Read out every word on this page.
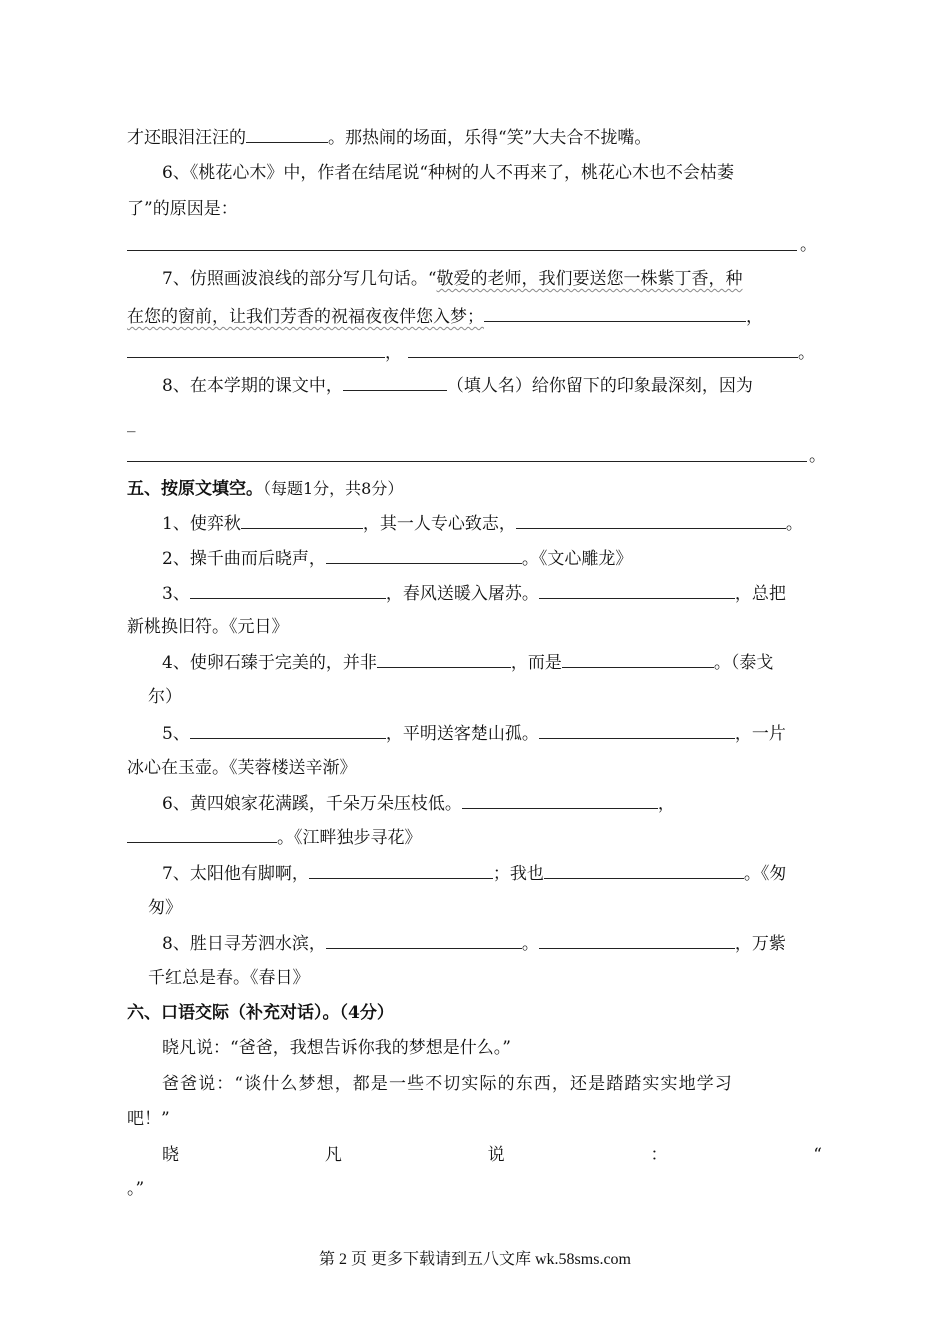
才还眼泪汪汪的	。那热闹的场面，乐得“笑”大夫合不拢嘴。
6、《桃花心木》中，作者在结尾说“种树的人不再来了，桃花心木也不会枯萎
了”的原因是：
。
7、仿照画波浪线的部分写几句话。“敬爱的老师，我们要送您一株紫丁香，种
在您的窗前，让我们芳香的祝福夜夜伴您入梦；	，
，	。
8、在本学期的课文中，	（填人名）给你留下的印象最深刻，因为
_
。
五、按原文填空。（每题1分，共8分）
1、使弈秋	，其一人专心致志，	。
2、操千曲而后晓声，	。《文心雕龙》
3、	，春风送暖入屠苏。	，总把
新桃换旧符。《元日》
4、使卵石臻于完美的，并非	，而是	。（泰戈
尔）
5、	，平明送客楚山孤。	，一片
冰心在玉壶。《芙蓉楼送辛渐》
6、黄四娘家花满蹊，千朵万朵压枝低。	，
。《江畔独步寻花》
7、太阳他有脚啊，	；我也	。《匆
匆》
8、胜日寻芳泗水滨，	。	，万紫
千红总是春。《春日》
六、口语交际（补充对话）。（4分）
晓凡说：“爸爸，我想告诉你我的梦想是什么。”
爸爸说：“谈什么梦想，都是一些不切实际的东西，还是踏踏实实地学习
吧！”
晓	凡	说	：	“
。”
第 2 页 更多下载请到五八文库 wk.58sms.com
